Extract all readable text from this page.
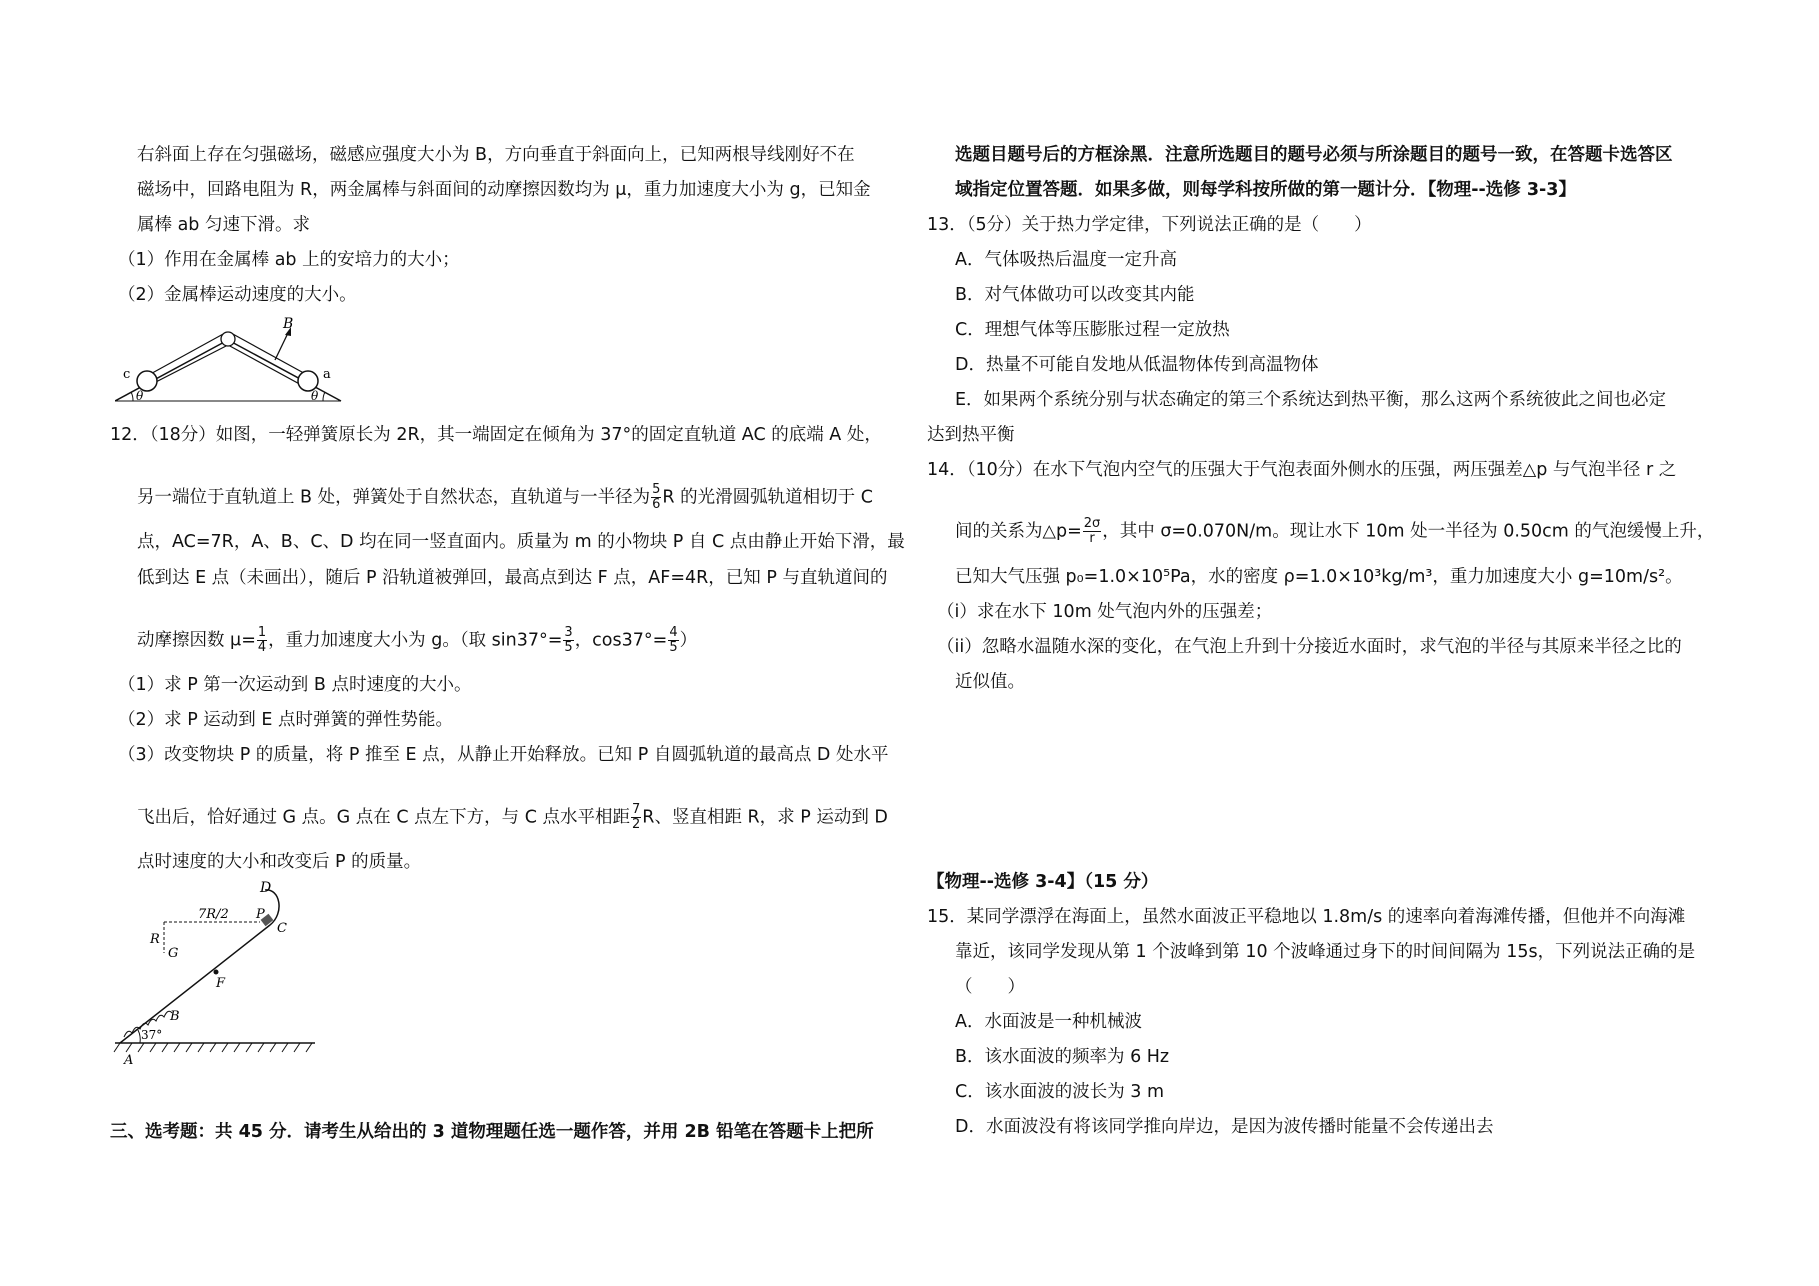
右斜面上存在匀强磁场，磁感应强度大小为 B，方向垂直于斜面向上，已知两根导线刚好不在
磁场中，回路电阻为 R，两金属棒与斜面间的动摩擦因数均为 μ，重力加速度大小为 g，已知金
属棒 ab 匀速下滑。求
（1）作用在金属棒 ab 上的安培力的大小；
（2）金属棒运动速度的大小。
B
c	a
θ	θ
12．（18分）如图，一轻弹簧原长为 2R，其一端固定在倾角为 37°的固定直轨道 AC 的底端 A 处，
另一端位于直轨道上 B 处，弹簧处于自然状态，直轨道与一半径为 $\frac{5}{6}$ R 的光滑圆弧轨道相切于 C
点，AC=7R，A、B、C、D 均在同一竖直面内。质量为 m 的小物块 P 自 C 点由静止开始下滑，最
低到达 E 点（未画出），随后 P 沿轨道被弹回，最高点到达 F 点，AF=4R，已知 P 与直轨道间的
动摩擦因数 $\mu= \frac{1}{4}$ ，重力加速度大小为 g。（取 $\sin 37^\circ= \frac{3}{5}$ ，$\cos 37^\circ= \frac{4}{5}$ ）
（1）求 P 第一次运动到 B 点时速度的大小。
（2）求 P 运动到 E 点时弹簧的弹性势能。
（3）改变物块 P 的质量，将 P 推至 E 点，从静止开始释放。已知 P 自圆弧轨道的最高点 D 处水平
飞出后，恰好通过 G 点。G 点在 C 点左下方，与 C 点水平相距 $\frac{7}{2}$ R、竖直相距 R，求 P 运动到 D
点时速度的大小和改变后 P 的质量。
D
7R/2 P
C
R
G
F
B
37°
A
三、选考题：共 45 分．请考生从给出的 3 道物理题任选一题作答，并用 2B 铅笔在答题卡上把所
选题目题号后的方框涂黑．注意所选题目的题号必须与所涂题目的题号一致，在答题卡选答区
域指定位置答题．如果多做，则每学科按所做的第一题计分．【物理--选修 3-3】
13．（5分）关于热力学定律，下列说法正确的是（　　）
A．气体吸热后温度一定升高
B．对气体做功可以改变其内能
C．理想气体等压膨胀过程一定放热
D．热量不可能自发地从低温物体传到高温物体
E．如果两个系统分别与状态确定的第三个系统达到热平衡，那么这两个系统彼此之间也必定
达到热平衡
14．（10分）在水下气泡内空气的压强大于气泡表面外侧水的压强，两压强差△p 与气泡半径 r 之
间的关系为△p= $\frac{2\sigma}{r}$ ，其中 σ=0.070N/m。现让水下 10m 处一半径为 0.50cm 的气泡缓慢上升，
已知大气压强 p₀=1.0×10⁵Pa，水的密度 ρ=1.0×10³kg/m³，重力加速度大小 g=10m/s²。
（i）求在水下 10m 处气泡内外的压强差；
（ii）忽略水温随水深的变化，在气泡上升到十分接近水面时，求气泡的半径与其原来半径之比的
近似值。
【物理--选修 3-4】（15 分）
15．某同学漂浮在海面上，虽然水面波正平稳地以 1.8m/s 的速率向着海滩传播，但他并不向海滩
靠近，该同学发现从第 1 个波峰到第 10 个波峰通过身下的时间间隔为 15s，下列说法正确的是
（　　）
A．水面波是一种机械波
B．该水面波的频率为 6 Hz
C．该水面波的波长为 3 m
D．水面波没有将该同学推向岸边，是因为波传播时能量不会传递出去
